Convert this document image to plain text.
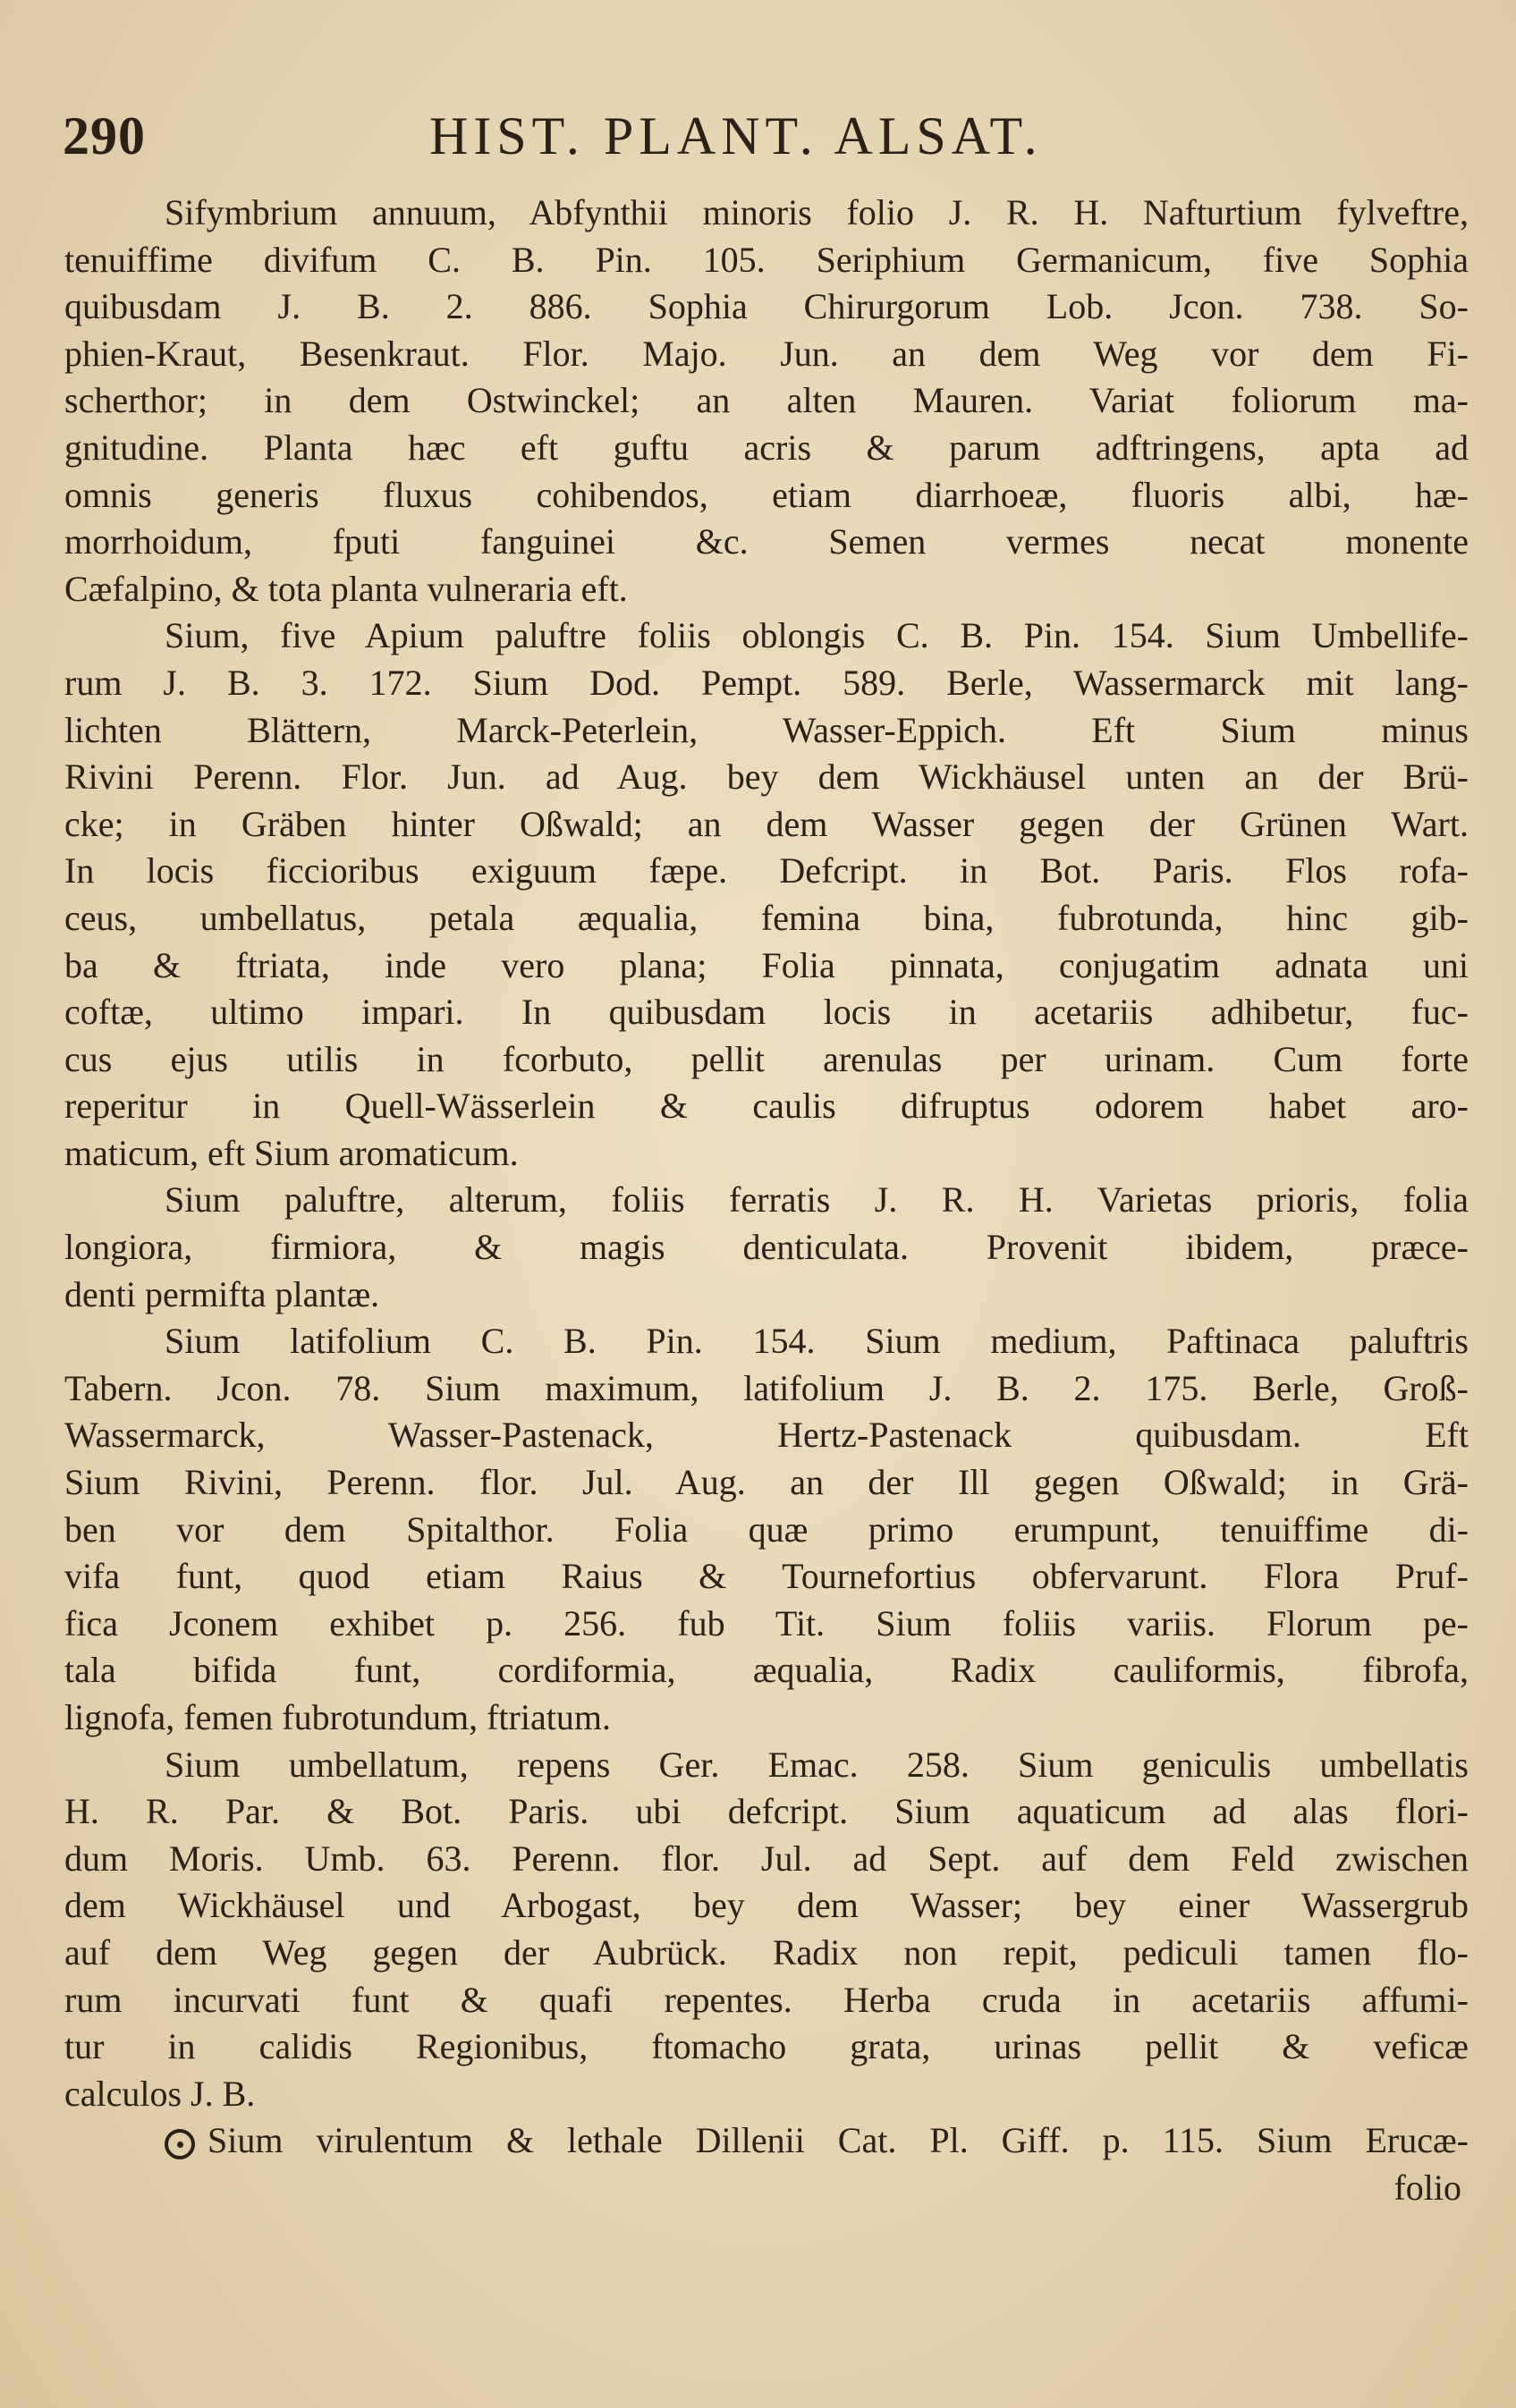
290	HIST. PLANT. ALSAT.
Sifymbrium annuum, Abfynthii minoris folio J. R. H. Nafturtium fylveftre,
tenuiffime divifum C. B. Pin. 105. Seriphium Germanicum, five Sophia
quibusdam J. B. 2. 886. Sophia Chirurgorum Lob. Jcon. 738. So-
phien-Kraut, Besenkraut. Flor. Majo. Jun. an dem Weg vor dem Fi-
scherthor; in dem Ostwinckel; an alten Mauren. Variat foliorum ma-
gnitudine. Planta hæc eft guftu acris & parum adftringens, apta ad
omnis generis fluxus cohibendos, etiam diarrhoeæ, fluoris albi, hæ-
morrhoidum, fputi fanguinei &c. Semen vermes necat monente
Cæfalpino, & tota planta vulneraria eft.
Sium, five Apium paluftre foliis oblongis C. B. Pin. 154. Sium Umbellife-
rum J. B. 3. 172. Sium Dod. Pempt. 589. Berle, Wassermarck mit lang-
lichten Blättern, Marck-Peterlein, Wasser-Eppich. Eft Sium minus
Rivini Perenn. Flor. Jun. ad Aug. bey dem Wickhäusel unten an der Brü-
cke; in Gräben hinter Oßwald; an dem Wasser gegen der Grünen Wart.
In locis ficcioribus exiguum fæpe. Defcript. in Bot. Paris. Flos rofa-
ceus, umbellatus, petala æqualia, femina bina, fubrotunda, hinc gib-
ba & ftriata, inde vero plana; Folia pinnata, conjugatim adnata uni
coftæ, ultimo impari. In quibusdam locis in acetariis adhibetur, fuc-
cus ejus utilis in fcorbuto, pellit arenulas per urinam. Cum forte
reperitur in Quell-Wässerlein & caulis difruptus odorem habet aro-
maticum, eft Sium aromaticum.
Sium paluftre, alterum, foliis ferratis J. R. H. Varietas prioris, folia
longiora, firmiora, & magis denticulata. Provenit ibidem, præce-
denti permifta plantæ.
Sium latifolium C. B. Pin. 154. Sium medium, Paftinaca paluftris
Tabern. Jcon. 78. Sium maximum, latifolium J. B. 2. 175. Berle, Groß-
Wassermarck, Wasser-Pastenack, Hertz-Pastenack quibusdam. Eft
Sium Rivini, Perenn. flor. Jul. Aug. an der Ill gegen Oßwald; in Grä-
ben vor dem Spitalthor. Folia quæ primo erumpunt, tenuiffime di-
vifa funt, quod etiam Raius & Tournefortius obfervarunt. Flora Pruf-
fica Jconem exhibet p. 256. fub Tit. Sium foliis variis. Florum pe-
tala bifida funt, cordiformia, æqualia, Radix cauliformis, fibrofa,
lignofa, femen fubrotundum, ftriatum.
Sium umbellatum, repens Ger. Emac. 258. Sium geniculis umbellatis
H. R. Par. & Bot. Paris. ubi defcript. Sium aquaticum ad alas flori-
dum Moris. Umb. 63. Perenn. flor. Jul. ad Sept. auf dem Feld zwischen
dem Wickhäusel und Arbogast, bey dem Wasser; bey einer Wassergrub
auf dem Weg gegen der Aubrück. Radix non repit, pediculi tamen flo-
rum incurvati funt & quafi repentes. Herba cruda in acetariis affumi-
tur in calidis Regionibus, ftomacho grata, urinas pellit & veficæ
calculos J. B.
Sium virulentum & lethale Dillenii Cat. Pl. Giff. p. 115. Sium Erucæ-
folio
